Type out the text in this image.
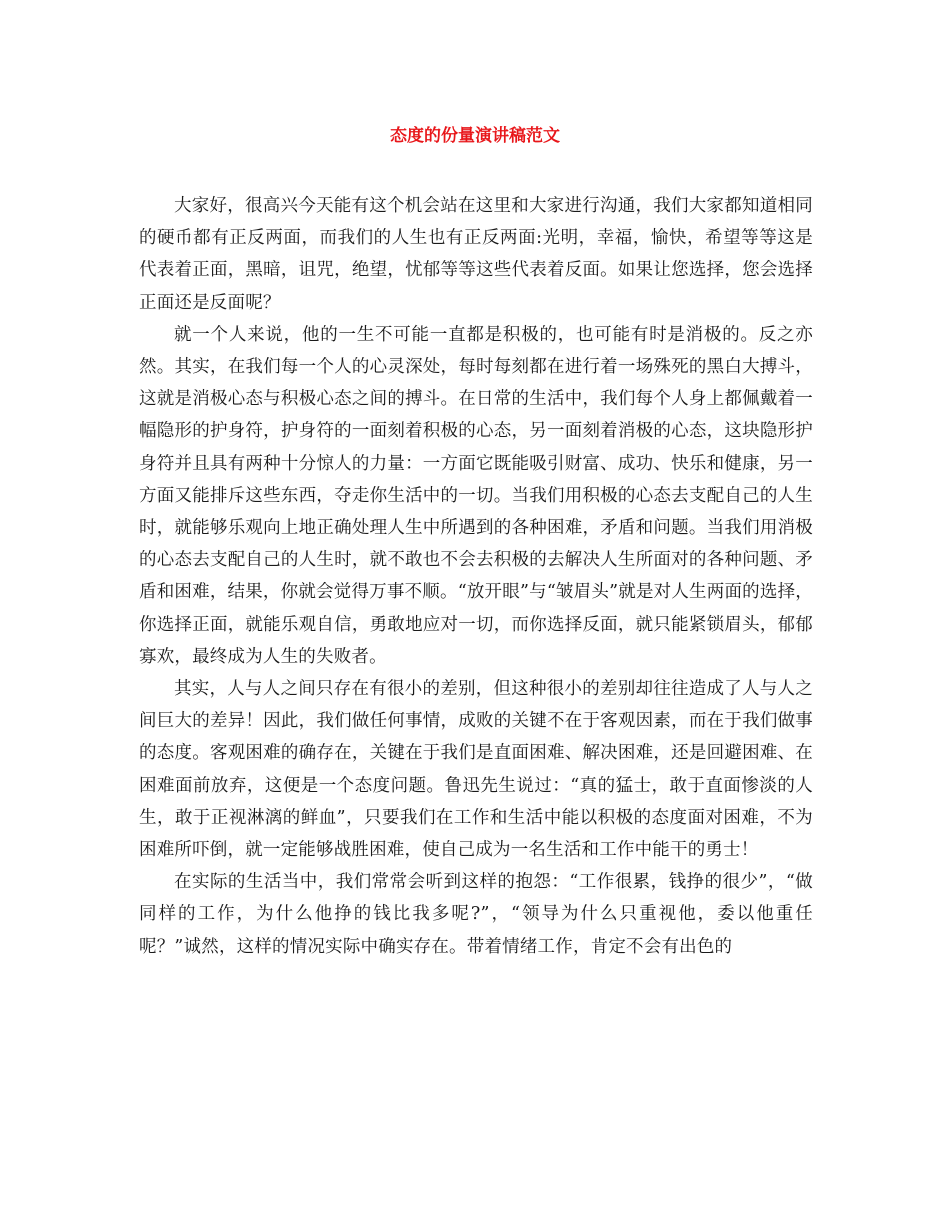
态度的份量演讲稿范文

大家好，很高兴今天能有这个机会站在这里和大家进行沟通，我们大家都知道相同的硬币都有正反两面，而我们的人生也有正反两面:光明，幸福，愉快，希望等等这是代表着正面，黑暗，诅咒，绝望，忧郁等等这些代表着反面。如果让您选择，您会选择正面还是反面呢？

就一个人来说，他的一生不可能一直都是积极的，也可能有时是消极的。反之亦然。其实，在我们每一个人的心灵深处，每时每刻都在进行着一场殊死的黑白大搏斗，这就是消极心态与积极心态之间的搏斗。在日常的生活中，我们每个人身上都佩戴着一幅隐形的护身符，护身符的一面刻着积极的心态，另一面刻着消极的心态，这块隐形护身符并且具有两种十分惊人的力量：一方面它既能吸引财富、成功、快乐和健康，另一方面又能排斥这些东西，夺走你生活中的一切。当我们用积极的心态去支配自己的人生时，就能够乐观向上地正确处理人生中所遇到的各种困难，矛盾和问题。当我们用消极的心态去支配自己的人生时，就不敢也不会去积极的去解决人生所面对的各种问题、矛盾和困难，结果，你就会觉得万事不顺。“放开眼”与“皱眉头”就是对人生两面的选择，你选择正面，就能乐观自信，勇敢地应对一切，而你选择反面，就只能紧锁眉头，郁郁寡欢，最终成为人生的失败者。

其实，人与人之间只存在有很小的差别，但这种很小的差别却往往造成了人与人之间巨大的差异！因此，我们做任何事情，成败的关键不在于客观因素，而在于我们做事的态度。客观困难的确存在，关键在于我们是直面困难、解决困难，还是回避困难、在困难面前放弃，这便是一个态度问题。鲁迅先生说过：“真的猛士，敢于直面惨淡的人生，敢于正视淋漓的鲜血”，只要我们在工作和生活中能以积极的态度面对困难，不为困难所吓倒，就一定能够战胜困难，使自己成为一名生活和工作中能干的勇士！

在实际的生活当中，我们常常会听到这样的抱怨：“工作很累，钱挣的很少”，“做同样的工作，为什么他挣的钱比我多呢?”，“领导为什么只重视他，委以他重任呢？”诚然，这样的情况实际中确实存在。带着情绪工作，肯定不会有出色的
